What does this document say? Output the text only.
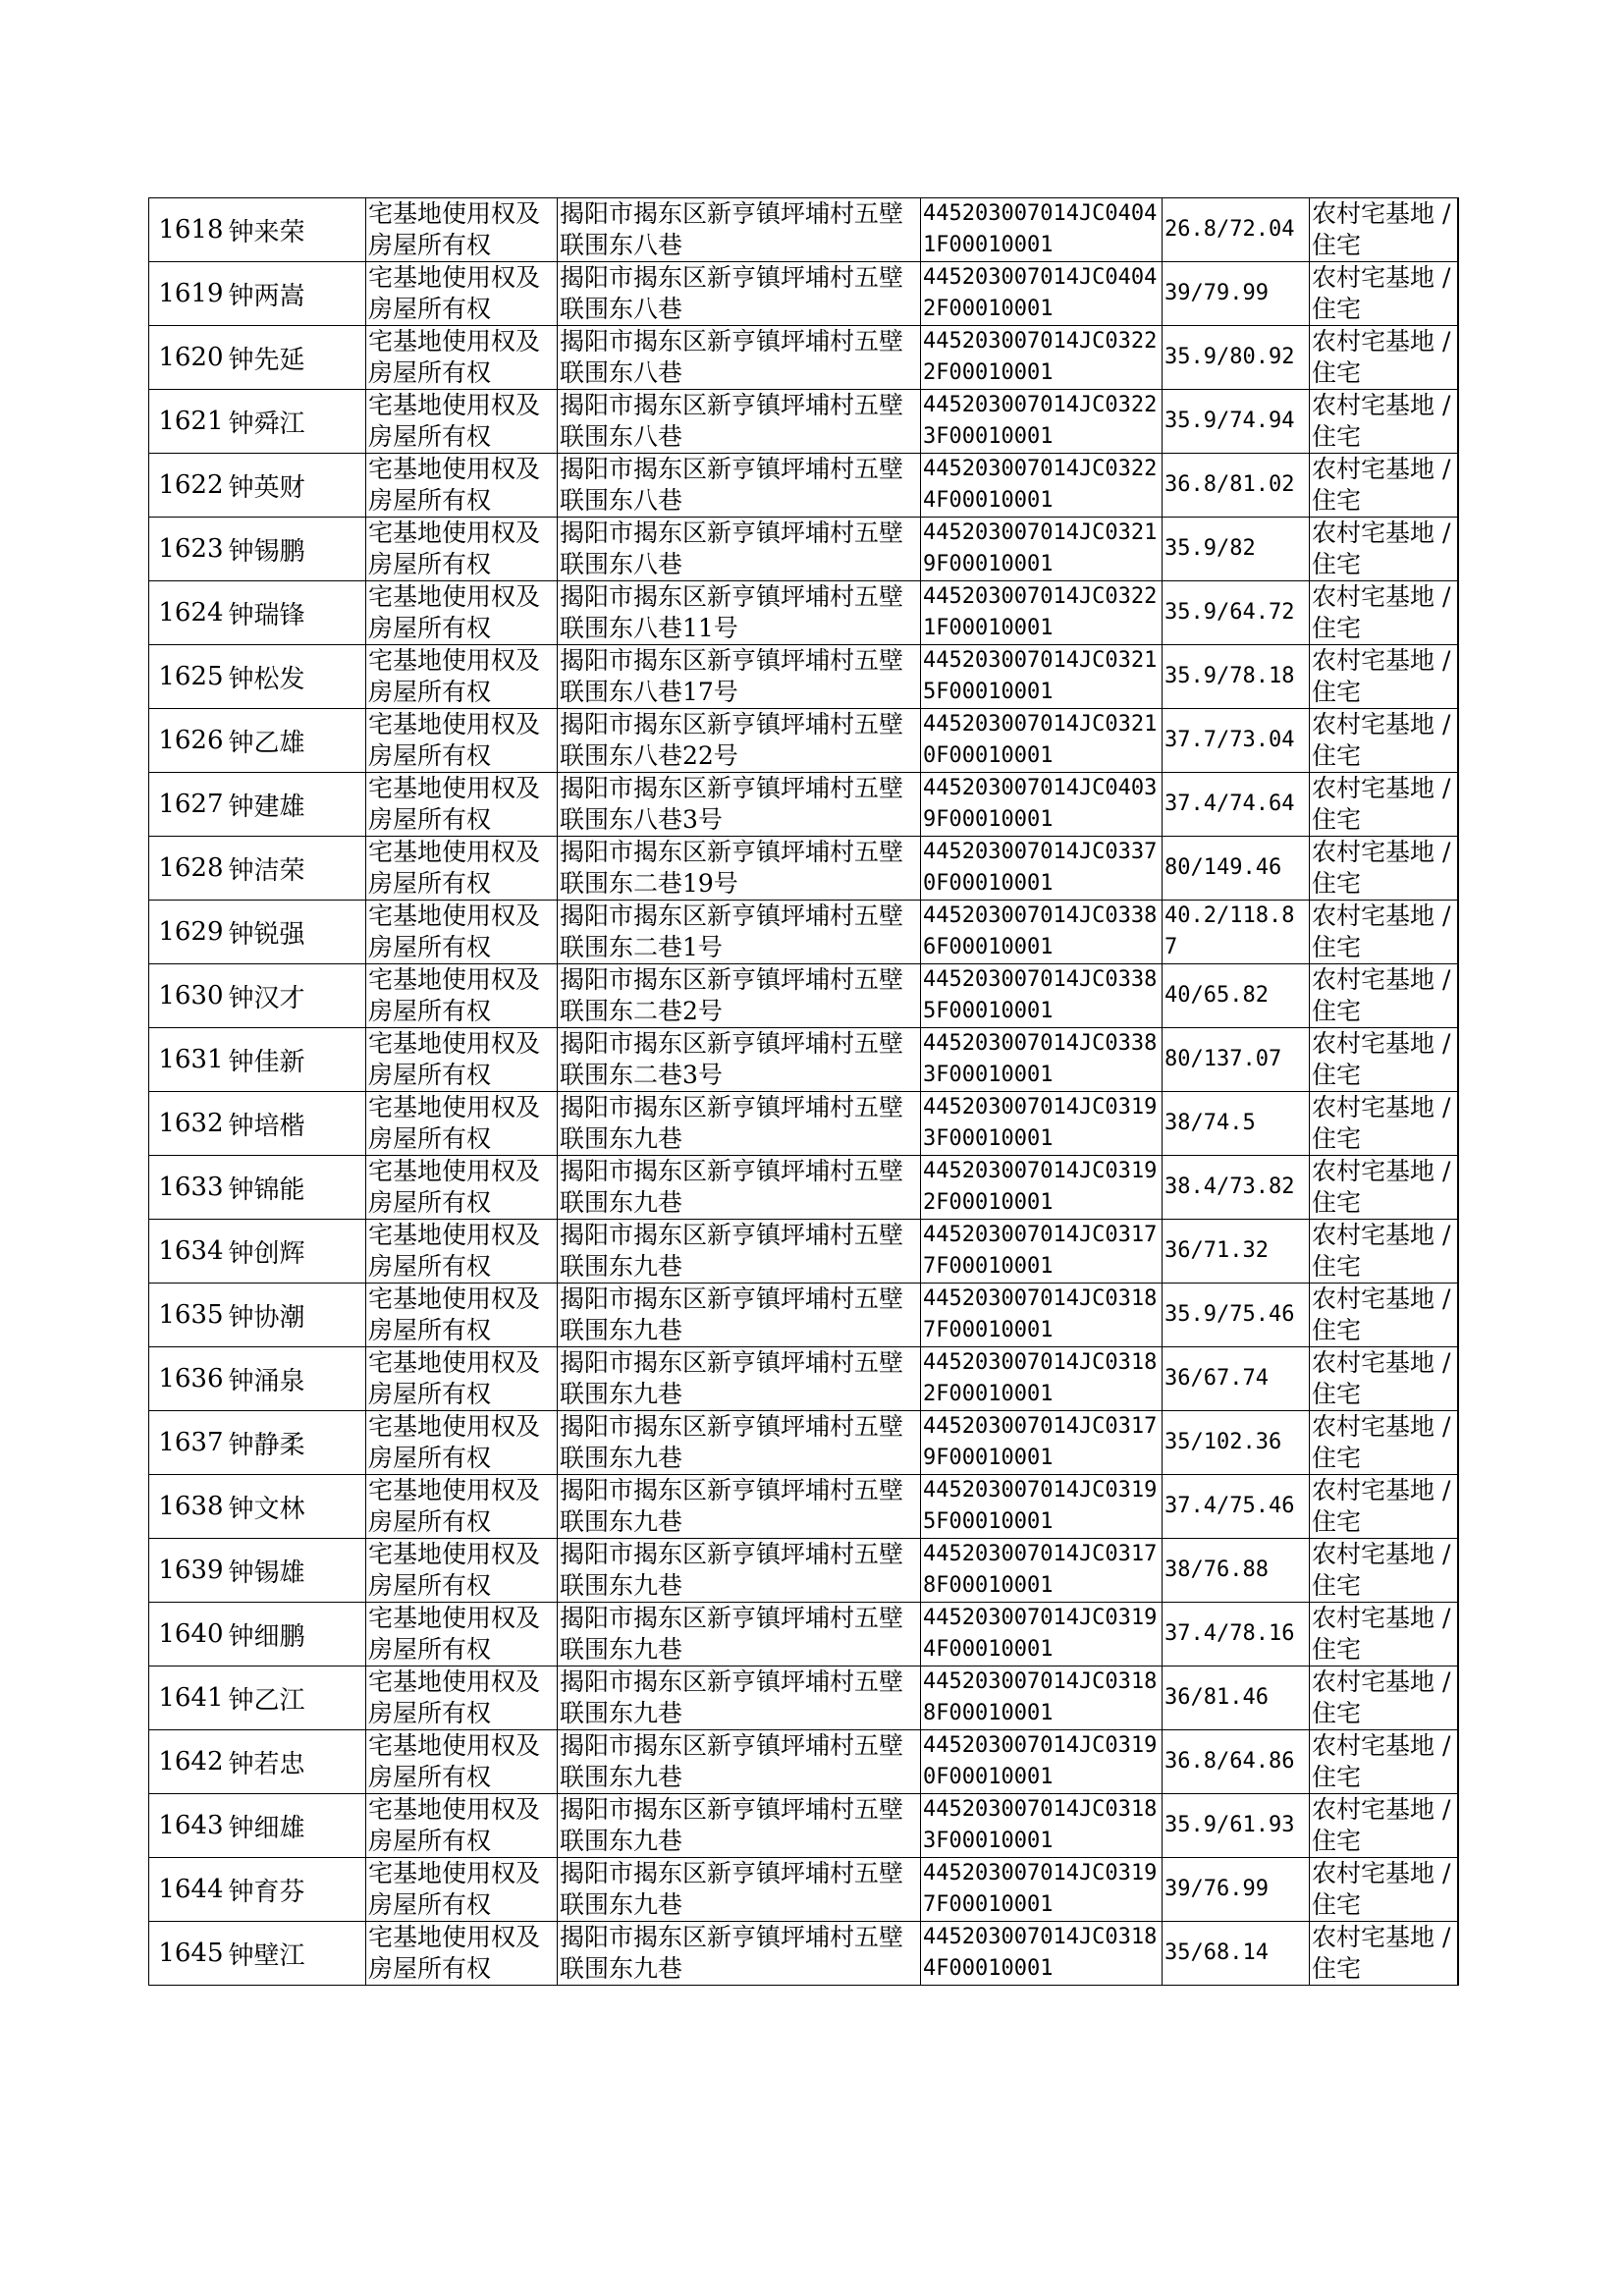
1618	钟来荣	宅基地使用权及房屋所有权	揭阳市揭东区新亨镇坪埔村五壁联围东八巷	445203007014JC04041F00010001	26.8/72.04	农村宅基地 / 住宅
1619	钟两嵩	宅基地使用权及房屋所有权	揭阳市揭东区新亨镇坪埔村五壁联围东八巷	445203007014JC04042F00010001	39/79.99	农村宅基地 / 住宅
1620	钟先延	宅基地使用权及房屋所有权	揭阳市揭东区新亨镇坪埔村五壁联围东八巷	445203007014JC03222F00010001	35.9/80.92	农村宅基地 / 住宅
1621	钟舜江	宅基地使用权及房屋所有权	揭阳市揭东区新亨镇坪埔村五壁联围东八巷	445203007014JC03223F00010001	35.9/74.94	农村宅基地 / 住宅
1622	钟英财	宅基地使用权及房屋所有权	揭阳市揭东区新亨镇坪埔村五壁联围东八巷	445203007014JC03224F00010001	36.8/81.02	农村宅基地 / 住宅
1623	钟锡鹏	宅基地使用权及房屋所有权	揭阳市揭东区新亨镇坪埔村五壁联围东八巷	445203007014JC03219F00010001	35.9/82	农村宅基地 / 住宅
1624	钟瑞锋	宅基地使用权及房屋所有权	揭阳市揭东区新亨镇坪埔村五壁联围东八巷11号	445203007014JC03221F00010001	35.9/64.72	农村宅基地 / 住宅
1625	钟松发	宅基地使用权及房屋所有权	揭阳市揭东区新亨镇坪埔村五壁联围东八巷17号	445203007014JC03215F00010001	35.9/78.18	农村宅基地 / 住宅
1626	钟乙雄	宅基地使用权及房屋所有权	揭阳市揭东区新亨镇坪埔村五壁联围东八巷22号	445203007014JC03210F00010001	37.7/73.04	农村宅基地 / 住宅
1627	钟建雄	宅基地使用权及房屋所有权	揭阳市揭东区新亨镇坪埔村五壁联围东八巷3号	445203007014JC04039F00010001	37.4/74.64	农村宅基地 / 住宅
1628	钟洁荣	宅基地使用权及房屋所有权	揭阳市揭东区新亨镇坪埔村五壁联围东二巷19号	445203007014JC03370F00010001	80/149.46	农村宅基地 / 住宅
1629	钟锐强	宅基地使用权及房屋所有权	揭阳市揭东区新亨镇坪埔村五壁联围东二巷1号	445203007014JC03386F00010001	40.2/118.87	农村宅基地 / 住宅
1630	钟汉才	宅基地使用权及房屋所有权	揭阳市揭东区新亨镇坪埔村五壁联围东二巷2号	445203007014JC03385F00010001	40/65.82	农村宅基地 / 住宅
1631	钟佳新	宅基地使用权及房屋所有权	揭阳市揭东区新亨镇坪埔村五壁联围东二巷3号	445203007014JC03383F00010001	80/137.07	农村宅基地 / 住宅
1632	钟培楷	宅基地使用权及房屋所有权	揭阳市揭东区新亨镇坪埔村五壁联围东九巷	445203007014JC03193F00010001	38/74.5	农村宅基地 / 住宅
1633	钟锦能	宅基地使用权及房屋所有权	揭阳市揭东区新亨镇坪埔村五壁联围东九巷	445203007014JC03192F00010001	38.4/73.82	农村宅基地 / 住宅
1634	钟创辉	宅基地使用权及房屋所有权	揭阳市揭东区新亨镇坪埔村五壁联围东九巷	445203007014JC03177F00010001	36/71.32	农村宅基地 / 住宅
1635	钟协潮	宅基地使用权及房屋所有权	揭阳市揭东区新亨镇坪埔村五壁联围东九巷	445203007014JC03187F00010001	35.9/75.46	农村宅基地 / 住宅
1636	钟涌泉	宅基地使用权及房屋所有权	揭阳市揭东区新亨镇坪埔村五壁联围东九巷	445203007014JC03182F00010001	36/67.74	农村宅基地 / 住宅
1637	钟静柔	宅基地使用权及房屋所有权	揭阳市揭东区新亨镇坪埔村五壁联围东九巷	445203007014JC03179F00010001	35/102.36	农村宅基地 / 住宅
1638	钟文林	宅基地使用权及房屋所有权	揭阳市揭东区新亨镇坪埔村五壁联围东九巷	445203007014JC03195F00010001	37.4/75.46	农村宅基地 / 住宅
1639	钟锡雄	宅基地使用权及房屋所有权	揭阳市揭东区新亨镇坪埔村五壁联围东九巷	445203007014JC03178F00010001	38/76.88	农村宅基地 / 住宅
1640	钟细鹏	宅基地使用权及房屋所有权	揭阳市揭东区新亨镇坪埔村五壁联围东九巷	445203007014JC03194F00010001	37.4/78.16	农村宅基地 / 住宅
1641	钟乙江	宅基地使用权及房屋所有权	揭阳市揭东区新亨镇坪埔村五壁联围东九巷	445203007014JC03188F00010001	36/81.46	农村宅基地 / 住宅
1642	钟若忠	宅基地使用权及房屋所有权	揭阳市揭东区新亨镇坪埔村五壁联围东九巷	445203007014JC03190F00010001	36.8/64.86	农村宅基地 / 住宅
1643	钟细雄	宅基地使用权及房屋所有权	揭阳市揭东区新亨镇坪埔村五壁联围东九巷	445203007014JC03183F00010001	35.9/61.93	农村宅基地 / 住宅
1644	钟育芬	宅基地使用权及房屋所有权	揭阳市揭东区新亨镇坪埔村五壁联围东九巷	445203007014JC03197F00010001	39/76.99	农村宅基地 / 住宅
1645	钟壁江	宅基地使用权及房屋所有权	揭阳市揭东区新亨镇坪埔村五壁联围东九巷	445203007014JC03184F00010001	35/68.14	农村宅基地 / 住宅
